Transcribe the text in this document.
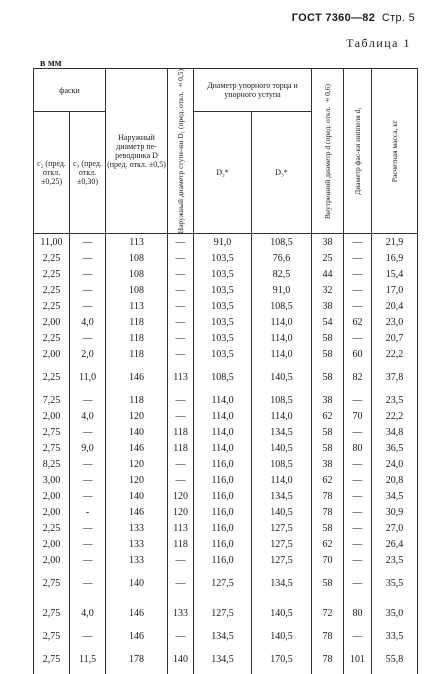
ГОСТ 7360—82 Стр. 5
Таблица 1
в мм
фаски		Наружный диаметр пе-реводника D (пред. откл. ±0,5)	Наружный диаметр ступе-ни D₁ (пред. откл. ±0,5)	Диаметр упорного торца и упорного уступа		Внутренний диаметр d (пред. откл. ±0,6)	Диаметр фас-ки ниппеля d₁	Расчетная масса, кг

c₂ (пред. откл. ±0,25)	c₃ (пред. откл. ±0,30)			D₂*	D₃*			
11,00	—	113	—	91,0	108,5	38	—	21,9
2,25	—	108	—	103,5	76,6	25	—	16,9
2,25	—	108	—	103,5	82,5	44	—	15,4
2,25	—	108	—	103,5	91,0	32	—	17,0
2,25	—	113	—	103,5	108,5	38	—	20,4
2,00	4,0	118	—	103,5	114,0	54	62	23,0
2,25	—	118	—	103,5	114,0	58	—	20,7
2,00	2,0	118	—	103,5	114,0	58	60	22,2
2,25	11,0	146	113	108,5	140,5	58	82	37,8
7,25	—	118	—	114,0	108,5	38	—	23,5
2,00	4,0	120	—	114,0	114,0	62	70	22,2
2,75	—	140	118	114,0	134,5	58	—	34,8
2,75	9,0	146	118	114,0	140,5	58	80	36,5
8,25	—	120	—	116,0	108,5	38	—	24,0
3,00	—	120	—	116,0	114,0	62	—	20,8
2,00	—	140	120	116,0	134,5	78	—	34,5
2,00	-	146	120	116,0	140,5	78	—	30,9
2,25	—	133	113	116,0	127,5	58	—	27,0
2,00	—	133	118	116,0	127,5	62	—	26,4
2,00	—	133	—	116,0	127,5	70	—	23,5
2,75	—	140	—	127,5	134,5	58	—	35,5
2,75	4,0	146	133	127,5	140,5	72	80	35,0
2,75	—	146	—	134,5	140,5	78	—	33,5
2,75	11,5	178	140	134,5	170,5	78	101	55,8
